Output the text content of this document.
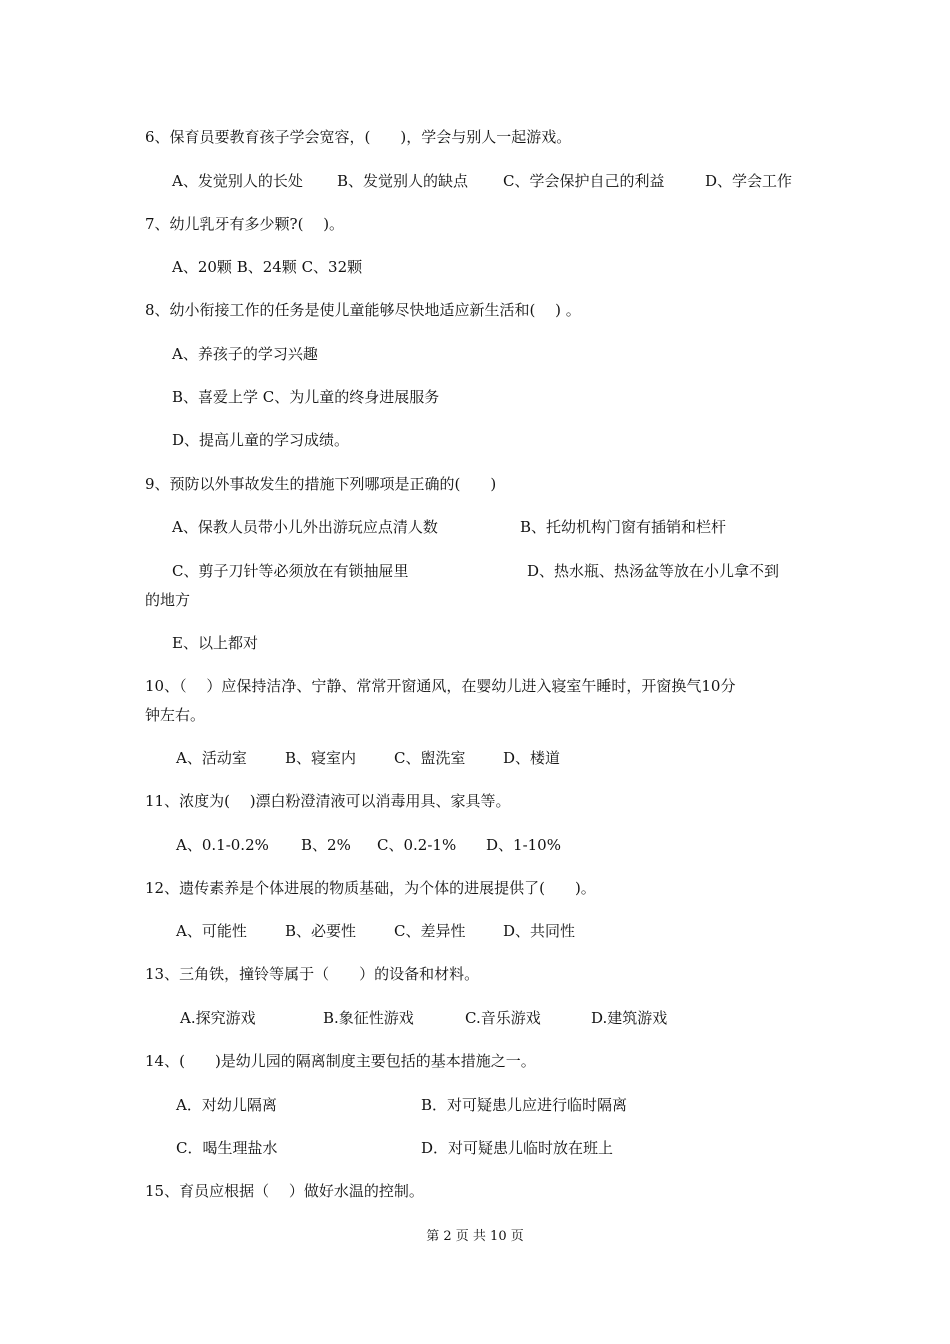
6、保育员要教育孩子学会宽容，(　　)，学会与别人一起游戏。
A、发觉别人的长处 B、发觉别人的缺点 C、学会保护自己的利益	D、学会工作
7、幼儿乳牙有多少颗?(　 )。
A、20颗 B、24颗 C、32颗
8、幼小衔接工作的任务是使儿童能够尽快地适应新生活和(　 ) 。
A、养孩子的学习兴趣
B、喜爱上学 C、为儿童的终身进展服务
D、提高儿童的学习成绩。
9、预防以外事故发生的措施下列哪项是正确的(　　)
A、保教人员带小儿外出游玩应点清人数	B、托幼机构门窗有插销和栏杆
C、剪子刀针等必须放在有锁抽屉里	D、热水瓶、热汤盆等放在小儿拿不到
的地方
E、以上都对
10、（　 ）应保持洁净、宁静、常常开窗通风，在婴幼儿进入寝室午睡时，开窗换气10分
钟左右。
A、活动室	B、寝室内	C、盥洗室	D、楼道
11、浓度为(　 )漂白粉澄清液可以消毒用具、家具等。
A、0.1-0.2% B、2% C、0.2-1% D、1-10%
12、遗传素养是个体进展的物质基础，为个体的进展提供了(　　)。
A、可能性	B、必要性	C、差异性	D、共同性
13、三角铁，撞铃等属于（　　）的设备和材料。
A.探究游戏	B.象征性游戏	C.音乐游戏	D.建筑游戏
14、(　　)是幼儿园的隔离制度主要包括的基本措施之一。
A．对幼儿隔离	B．对可疑患儿应进行临时隔离
C．喝生理盐水	D．对可疑患儿临时放在班上
15、育员应根据（　 ）做好水温的控制。
第 2 页 共 10 页
